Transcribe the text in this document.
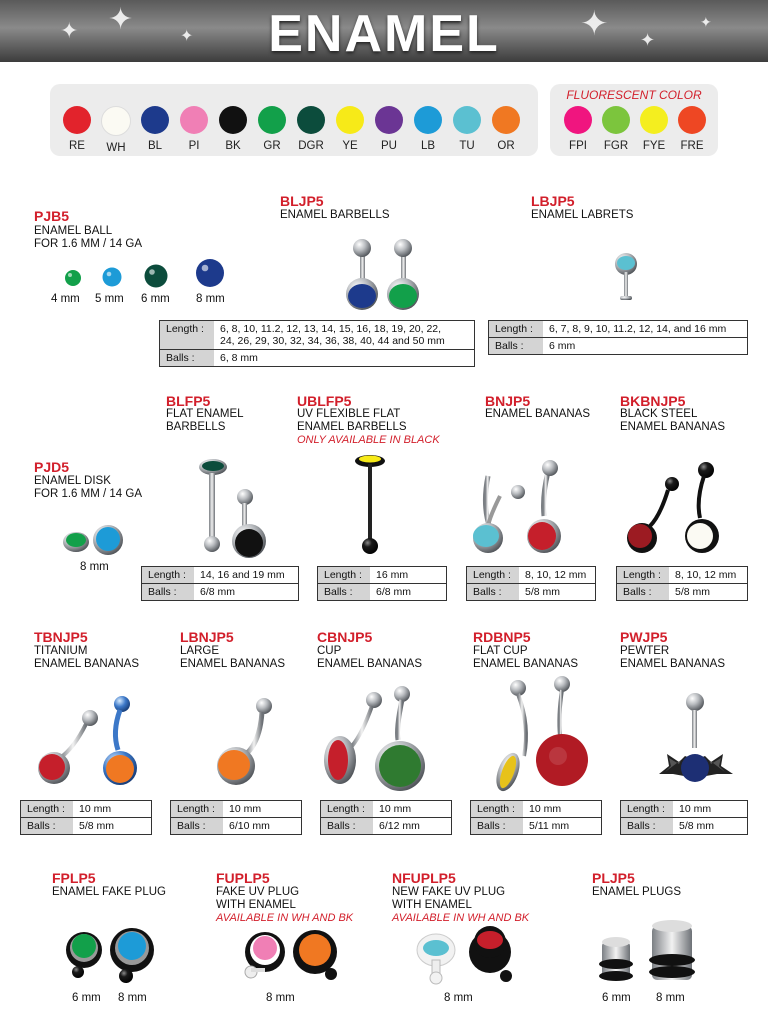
✦ ✦
✦	✦ ✦
✦
ENAMEL
RE	WH	BL	PI	BK	GR	DGR	YE	PU	LB	TU	OR
FLUORESCENT COLOR
FPI	FGR	FYE	FRE
PJB5
ENAMEL BALL
FOR 1.6 MM / 14 GA
4 mm 5 mm 6 mm 8 mm
BLJP5
ENAMEL BARBELLS
Length :	6, 8, 10, 11.2, 12, 13, 14, 15, 16, 18, 19, 20, 22,
24, 26, 29, 30, 32, 34, 36, 38, 40, 44 and 50 mm
Balls :	6, 8 mm
LBJP5
ENAMEL LABRETS
Length :	6, 7, 8, 9, 10, 11.2, 12, 14, and 16 mm
Balls :	6 mm
PJD5
ENAMEL DISK
FOR 1.6 MM / 14 GA
8 mm
BLFP5
FLAT ENAMEL
BARBELLS
Length :	14, 16 and 19 mm
Balls :	6/8 mm
UBLFP5
UV FLEXIBLE FLAT
ENAMEL BARBELLS
ONLY AVAILABLE IN BLACK
Length :	16 mm
Balls :	6/8 mm
BNJP5
ENAMEL BANANAS
Length :	8, 10, 12 mm
Balls :	5/8 mm
BKBNJP5
BLACK STEEL
ENAMEL BANANAS
Length :	8, 10, 12 mm
Balls :	5/8 mm
TBNJP5
TITANIUM
ENAMEL BANANAS
Length :	10 mm
Balls :	5/8 mm
LBNJP5
LARGE
ENAMEL BANANAS
Length :	10 mm
Balls :	6/10 mm
CBNJP5
CUP
ENAMEL BANANAS
Length :	10 mm
Balls :	6/12 mm
RDBNP5
FLAT CUP
ENAMEL BANANAS
Length :	10 mm
Balls :	5/11 mm
PWJP5
PEWTER
ENAMEL BANANAS
Length :	10 mm
Balls :	5/8 mm
FPLP5
ENAMEL FAKE PLUG
6 mm 8 mm
FUPLP5
FAKE UV PLUG
WITH ENAMEL
AVAILABLE IN WH AND BK
8 mm
NFUPLP5
NEW FAKE UV PLUG
WITH ENAMEL
AVAILABLE IN WH AND BK
8 mm
PLJP5
ENAMEL PLUGS
6 mm 8 mm
